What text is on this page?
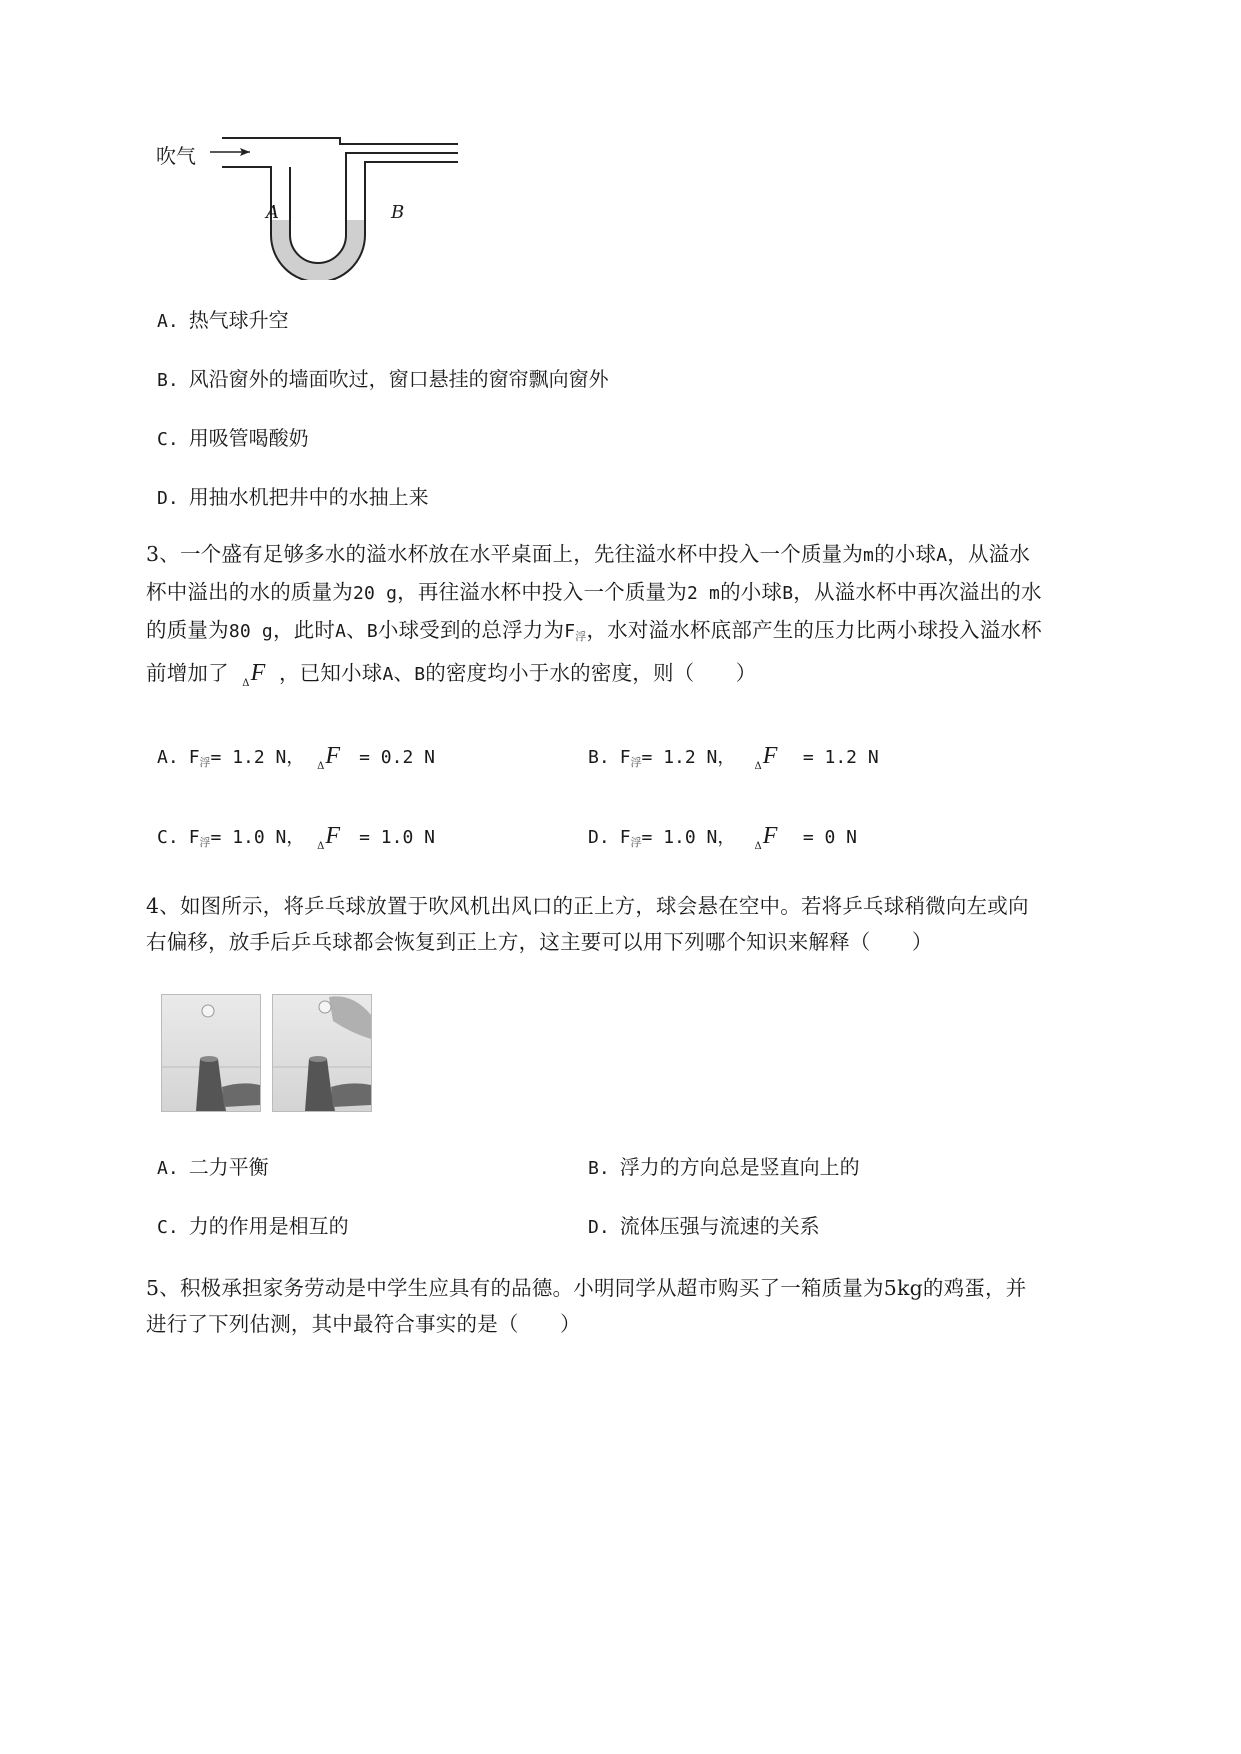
吹气
A	B
A. 热气球升空
B. 风沿窗外的墙面吹过，窗口悬挂的窗帘飘向窗外
C. 用吸管喝酸奶
D. 用抽水机把井中的水抽上来
3、一个盛有足够多水的溢水杯放在水平桌面上，先往溢水杯中投入一个质量为m的小球A，从溢水杯中溢出的水的质量为20 g，再往溢水杯中投入一个质量为2 m的小球B，从溢水杯中再次溢出的水的质量为80 g，此时A、B小球受到的总浮力为$F_浮$，水对溢水杯底部产生的压力比两小球投入溢水杯前增加了 $_\Delta$F ，已知小球A、B的密度均小于水的密度，则（　　）
A. $F_浮= 1.2$ N， $_\Delta$F = 0.2 N	B. $F_浮= 1.2$ N， $_\Delta$F = 1.2 N
C. $F_浮= 1.0$ N， $_\Delta$F = 1.0 N	D. $F_浮= 1.0$ N， $_\Delta$F = 0 N
4、如图所示，将乒乓球放置于吹风机出风口的正上方，球会悬在空中。若将乒乓球稍微向左或向右偏移，放手后乒乓球都会恢复到正上方，这主要可以用下列哪个知识来解释（　　）
A. 二力平衡	B. 浮力的方向总是竖直向上的
C. 力的作用是相互的	D. 流体压强与流速的关系
5、积极承担家务劳动是中学生应具有的品德。小明同学从超市购买了一箱质量为5kg的鸡蛋，并进行了下列估测，其中最符合事实的是（　　）
